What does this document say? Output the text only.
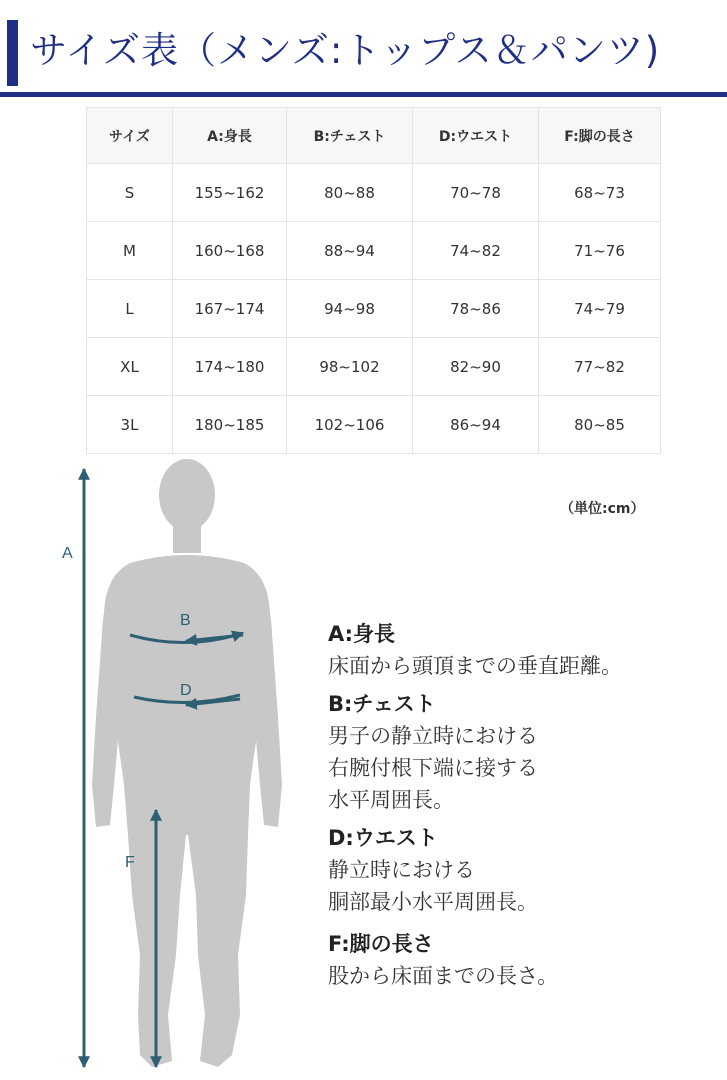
サイズ表（メンズ:トップス＆パンツ)
サイズ	A:身長	B:チェスト	D:ウエスト	F:脚の長さ
S	155~162	80~88	70~78	68~73
M	160~168	88~94	74~82	71~76
L	167~174	94~98	78~86	74~79
XL	174~180	98~102	82~90	77~82
3L	180~185	102~106	86~94	80~85
（単位:cm）
A
B
D
F

A:身長

床面から頭頂までの垂直距離。

B:チェスト

男子の静立時における

右腕付根下端に接する

水平周囲長。

D:ウエスト

静立時における

胴部最小水平周囲長。

F:脚の長さ

股から床面までの長さ。
